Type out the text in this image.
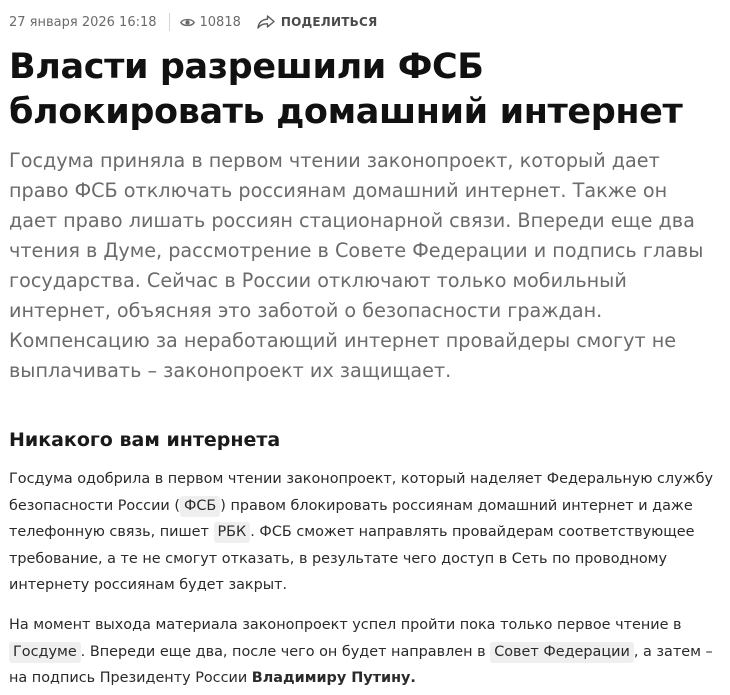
27 января 2026 16:18	10818	ПОДЕЛИТЬСЯ
Власти разрешили ФСБ блокировать домашний интернет

Госдума приняла в первом чтении законопроект, который дает право ФСБ отключать россиянам домашний интернет. Также он дает право лишать россиян стационарной связи. Впереди еще два чтения в Думе, рассмотрение в Совете Федерации и подпись главы государства. Сейчас в России отключают только мобильный интернет, объясняя это заботой о безопасности граждан. Компенсацию за неработающий интернет провайдеры смогут не выплачивать – законопроект их защищает.

Никакого вам интернета

Госдума одобрила в первом чтении законопроект, который наделяет Федеральную службу безопасности России ( ФСБ ) правом блокировать россиянам домашний интернет и даже телефонную связь, пишет РБК . ФСБ сможет направлять провайдерам соответствующее требование, а те не смогут отказать, в результате чего доступ в Сеть по проводному интернету россиянам будет закрыт.

На момент выхода материала законопроект успел пройти пока только первое чтение в Госдуме . Впереди еще два, после чего он будет направлен в Совет Федерации , а затем – на подпись Президенту России Владимиру Путину.
